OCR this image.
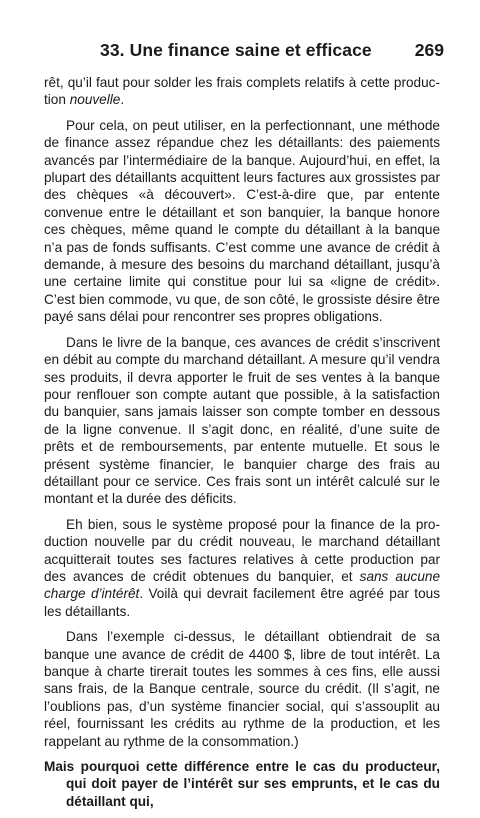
33. Une finance saine et efficace 269

rêt, qu’il faut pour solder les frais complets relatifs à cette production nouvelle.

Pour cela, on peut utiliser, en la perfectionnant, une méthode de finance assez répandue chez les détaillants: des paiements avancés par l’intermédiaire de la banque. Aujourd’hui, en effet, la plupart des détaillants acquittent leurs factures aux grossistes par des chèques «à découvert». C’est-à-dire que, par entente convenue entre le détaillant et son banquier, la banque honore ces chèques, même quand le compte du détaillant à la banque n’a pas de fonds suffisants. C’est comme une avance de crédit à demande, à mesure des besoins du marchand détaillant, jusqu’à une certaine limite qui constitue pour lui sa «ligne de crédit». C’est bien commode, vu que, de son côté, le grossiste désire être payé sans délai pour rencontrer ses propres obligations.

Dans le livre de la banque, ces avances de crédit s’inscrivent en débit au compte du marchand détaillant. A mesure qu’il vendra ses produits, il devra apporter le fruit de ses ventes à la banque pour renflouer son compte autant que possible, à la satisfaction du banquier, sans jamais laisser son compte tomber en dessous de la ligne convenue. Il s’agit donc, en réalité, d’une suite de prêts et de remboursements, par entente mutuelle. Et sous le présent système financier, le banquier charge des frais au détaillant pour ce service. Ces frais sont un intérêt calculé sur le montant et la durée des déficits.

Eh bien, sous le système proposé pour la finance de la production nouvelle par du crédit nouveau, le marchand détaillant acquitterait toutes ses factures relatives à cette production par des avances de crédit obtenues du banquier, et sans aucune charge d’intérêt. Voilà qui devrait facilement être agréé par tous les détaillants.

Dans l’exemple ci-dessus, le détaillant obtiendrait de sa banque une avance de crédit de 4400 $, libre de tout intérêt. La banque à charte tirerait toutes les sommes à ces fins, elle aussi sans frais, de la Banque centrale, source du crédit. (Il s’agit, ne l’oublions pas, d’un système financier social, qui s’assouplit au réel, fournissant les crédits au rythme de la production, et les rappelant au rythme de la consommation.)

Mais pourquoi cette différence entre le cas du producteur, qui doit payer de l’intérêt sur ses emprunts, et le cas du détaillant qui,
